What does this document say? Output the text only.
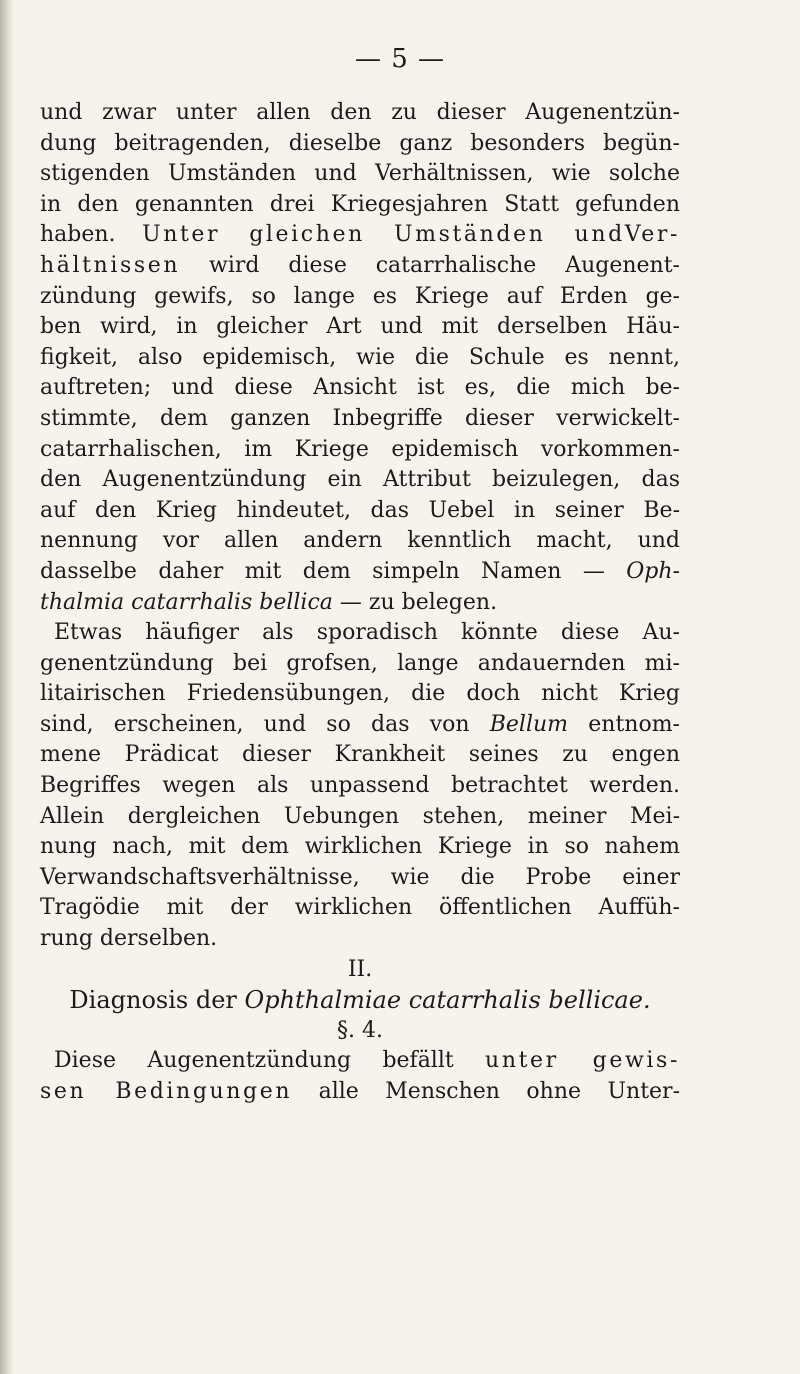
— 5 —
und zwar unter allen den zu dieser Augenentzün-
dung beitragenden, dieselbe ganz besonders begün-
stigenden Umständen und Verhältnissen, wie solche
in den genannten drei Kriegesjahren Statt gefunden
haben. Unter gleichen Umständen undVer-
hältnissen wird diese catarrhalische Augenent-
zündung gewifs, so lange es Kriege auf Erden ge-
ben wird, in gleicher Art und mit derselben Häu-
figkeit, also epidemisch, wie die Schule es nennt,
auftreten; und diese Ansicht ist es, die mich be-
stimmte, dem ganzen Inbegriffe dieser verwickelt-
catarrhalischen, im Kriege epidemisch vorkommen-
den Augenentzündung ein Attribut beizulegen, das
auf den Krieg hindeutet, das Uebel in seiner Be-
nennung vor allen andern kenntlich macht, und
dasselbe daher mit dem simpeln Namen — Oph-
thalmia catarrhalis bellica — zu belegen.
Etwas häufiger als sporadisch könnte diese Au-
genentzündung bei grofsen, lange andauernden mi-
litairischen Friedensübungen, die doch nicht Krieg
sind, erscheinen, und so das von Bellum entnom-
mene Prädicat dieser Krankheit seines zu engen
Begriffes wegen als unpassend betrachtet werden.
Allein dergleichen Uebungen stehen, meiner Mei-
nung nach, mit dem wirklichen Kriege in so nahem
Verwandschaftsverhältnisse, wie die Probe einer
Tragödie mit der wirklichen öffentlichen Auffüh-
rung derselben.
II.
Diagnosis der Ophthalmiae catarrhalis bellicae.
§. 4.
Diese Augenentzündung befällt unter gewis-
sen Bedingungen alle Menschen ohne Unter-
